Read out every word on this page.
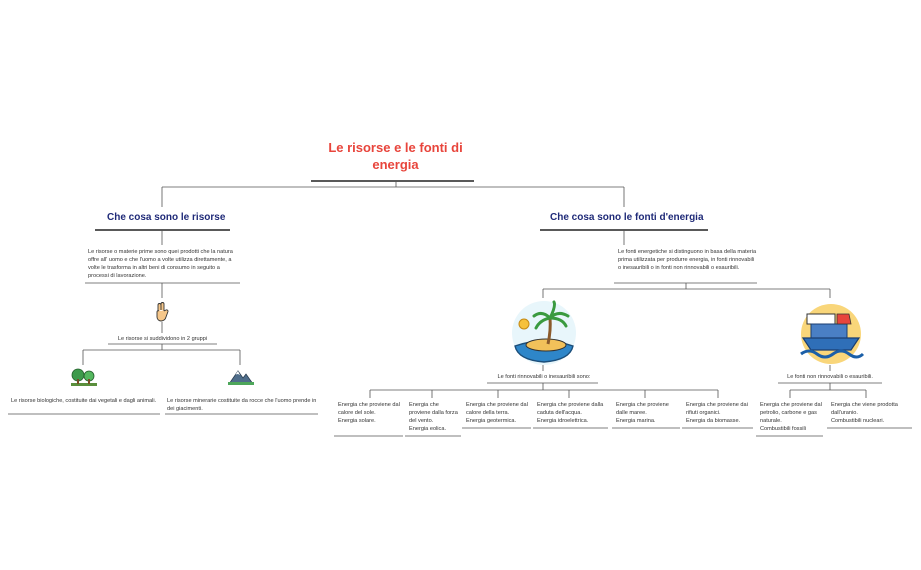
Le risorse e le fonti di energia
Che cosa sono le risorse
Le risorse o materie prime sono quei prodotti che la natura offre all' uomo e che l'uomo a volte utilizza direttamente, a volte le trasforma in altri beni di consumo in seguito a processi di lavorazione.
Le risorse si suddividono in 2 gruppi
Le risorse biologiche, costituite dai vegetali e dagli animali.	Le risorse minerarie costituite da rocce che l'uomo prende in dei giacimenti.
Che cosa sono le fonti d'energia
Le fonti energetiche si distinguono in basa della materia prima utilizzata per produrre energia, in fonti rinnovabili o inesauribili o in fonti non rinnovabili o esauribili.
Le fonti rinnovabili o inesauribili sono:	Le fonti non rinnovabili o esauribili.
Energia che proviene dal calore del sole.
Energia solare.
Energia che proviene dalla forza del vento.
Energia eolica.
Energia che proviene dal calore della terra.
Energia geotermica.
Energia che proviene dalla caduta dell'acqua.
Energia idroelettrica.
Energia che proviene dalle maree.
Energia marina.
Energia che proviene dai rifiuti organici.
Energia da biomasse.
Energia che proviene dal petrolio, carbone e gas naturale.
Combustibili fossili
Energia che viene prodotta dall'uranio.
Combustibili nucleari.
